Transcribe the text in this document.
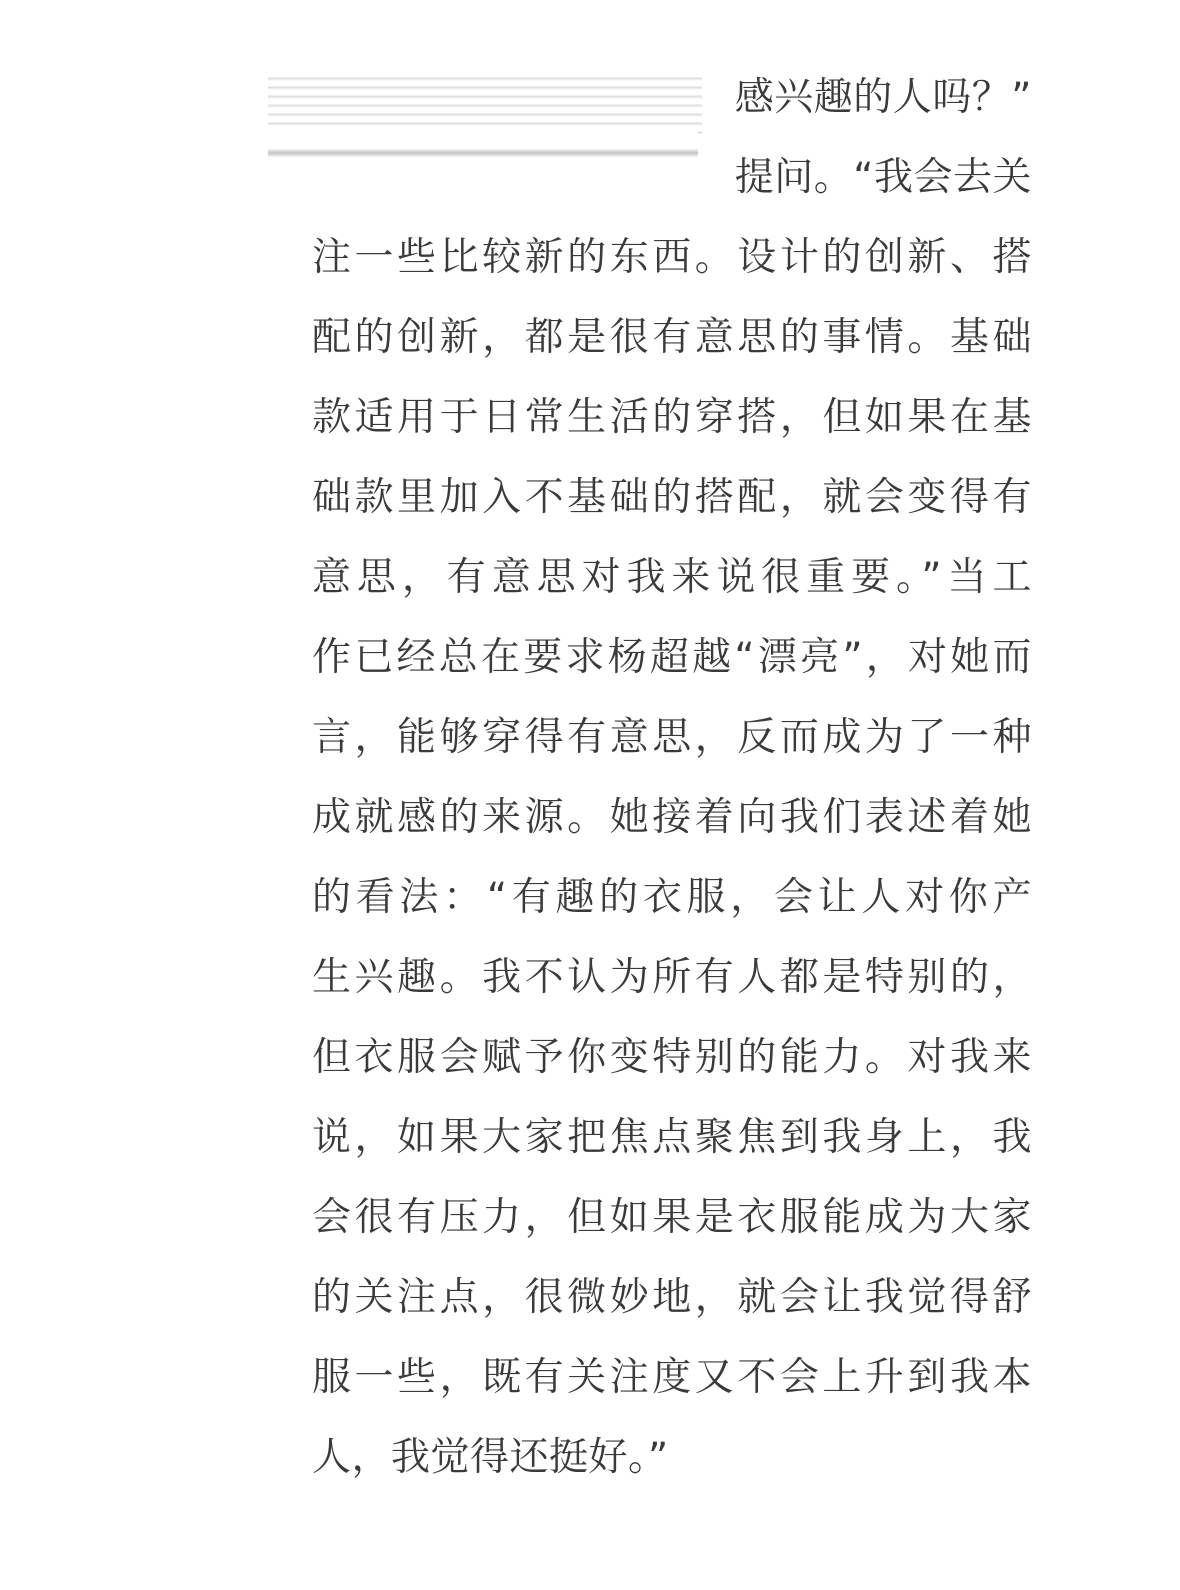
感兴趣的人吗？”
提问。“我会去关
注一些比较新的东西。设计的创新、搭
配的创新，都是很有意思的事情。基础
款适用于日常生活的穿搭，但如果在基
础款里加入不基础的搭配，就会变得有
意思，有意思对我来说很重要。”当工
作已经总在要求杨超越“漂亮”，对她而
言，能够穿得有意思，反而成为了一种
成就感的来源。她接着向我们表述着她
的看法：“有趣的衣服，会让人对你产
生兴趣。我不认为所有人都是特别的，
但衣服会赋予你变特别的能力。对我来
说，如果大家把焦点聚焦到我身上，我
会很有压力，但如果是衣服能成为大家
的关注点，很微妙地，就会让我觉得舒
服一些，既有关注度又不会上升到我本
人，我觉得还挺好。”
